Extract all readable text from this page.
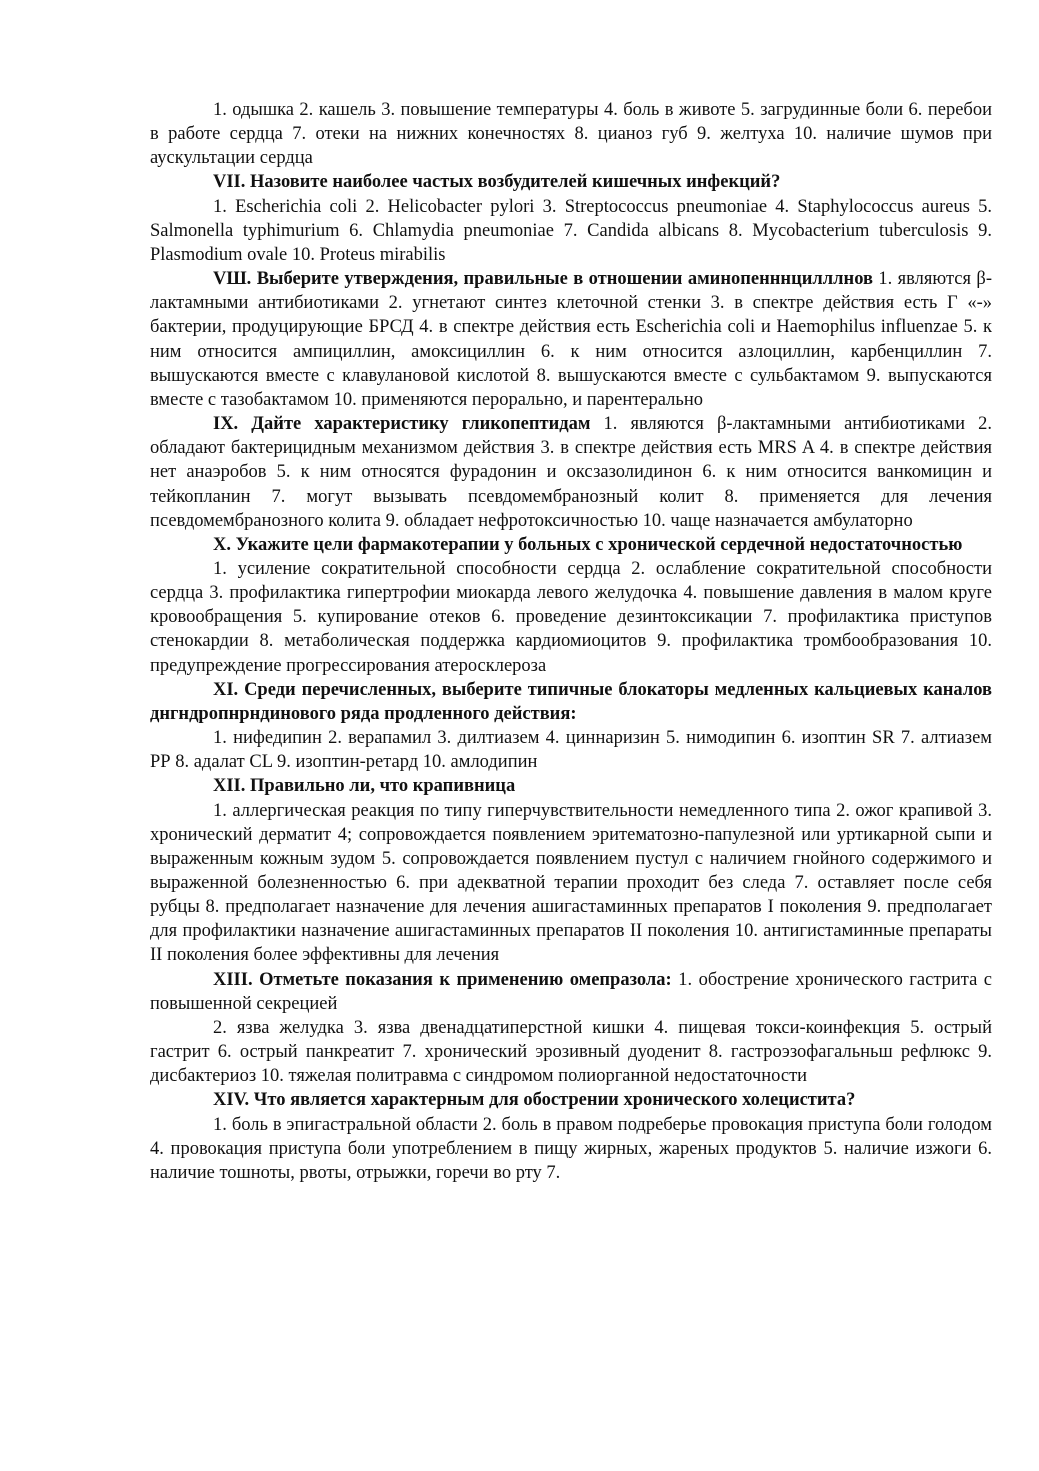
1. одышка 2. кашель 3. повышение температуры 4. боль в животе 5. загрудинные боли 6. перебои в работе сердца 7. отеки на нижних конечностях 8. цианоз губ 9. желтуха 10. наличие шумов при аускультации сердца

VII. Назовите наиболее частых возбудителей кишечных инфекций?

1. Escherichia coli 2. Helicobacter pylori 3. Streptococcus pneumoniae 4. Staphylococcus aureus 5. Salmonella typhimurium 6. Chlamydia pneumoniae 7. Candida albicans 8. Mycobacterium tuberculosis 9. Plasmodium ovale 10. Proteus mirabilis

VШ. Выберите утверждения, правильные в отношении аминопенннцилллнов 1. являются β-лактамными антибиотиками 2. угнетают синтез клеточной стенки 3. в спектре действия есть Г «-» бактерии, продуцирующие БРСД 4. в спектре действия есть Escherichia coli и Haemophilus influenzae 5. к ним относится ампициллин, амоксициллин 6. к ним относится азлоциллин, карбенциллин 7. вышускаются вместе с клавулановой кислотой 8. вышускаются вместе с сульбактамом 9. выпускаются вместе с тазобактамом 10. применяются перорально, и парентерально

IX. Дайте характеристику гликопептидам 1. являются β-лактамными антибиотиками 2. обладают бактерицидным механизмом действия 3. в спектре действия есть MRS A 4. в спектре действия нет анаэробов 5. к ним относятся фурадонин и оксзазолидинон 6. к ним относится ванкомицин и тейкопланин 7. могут вызывать псевдомембранозный колит 8. применяется для лечения псевдомембранозного колита 9. обладает нефротоксичностью 10. чаще назначается амбулаторно

X. Укажите цели фармакотерапии у больных с хронической сердечной недостаточностью

1. усиление сократительной способности сердца 2. ослабление сократительной способности сердца 3. профилактика гипертрофии миокарда левого желудочка 4. повышение давления в малом круге кровообращения 5. купирование отеков 6. проведение дезинтоксикации 7. профилактика приступов стенокардии 8. метаболическая поддержка кардиомиоцитов 9. профилактика тромбообразования 10. предупреждение прогрессирования атеросклероза

XI. Среди перечисленных, выберите типичные блокаторы медленных кальциевых каналов днгндропнрндинового ряда продленного действия:

1. нифедипин 2. верапамил 3. дилтиазем 4. циннаризин 5. нимодипин 6. изоптин SR 7. алтиазем РР 8. адалат CL 9. изоптин-ретард 10. амлодипин

XII. Правильно ли, что крапивница

1. аллергическая реакция по типу гиперчувствительности немедленного типа 2. ожог крапивой 3. хронический дерматит 4; сопровождается появлением эритематозно-папулезной или уртикарной сыпи и выраженным кожным зудом 5. сопровождается появлением пустул с наличием гнойного содержимого и выраженной болезненностью 6. при адекватной терапии проходит без следа 7. оставляет после себя рубцы 8. предполагает назначение для лечения ашигастаминных препаратов I поколения 9. предполагает для профилактики назначение ашигастаминных препаратов II поколения 10. антигистаминные препараты II поколения более эффективны для лечения

XIII. Отметьте показания к применению омепразола: 1. обострение хронического гастрита с повышенной секрецией

2. язва желудка 3. язва двенадцатиперстной кишки 4. пищевая токси-коинфекция 5. острый гастрит 6. острый панкреатит 7. хронический эрозивный дуоденит 8. гастроэзофагальньш рефлюкс 9. дисбактериоз 10. тяжелая политравма с синдромом полиорганной недостаточности

XIV. Что является характерным для обострении хронического холецистита?

1. боль в эпигастральной области 2. боль в правом подреберье провокация приступа боли голодом 4. провокация приступа боли употреблением в пищу жирных, жареных продуктов 5. наличие изжоги 6. наличие тошноты, рвоты, отрыжки, горечи во рту 7.
